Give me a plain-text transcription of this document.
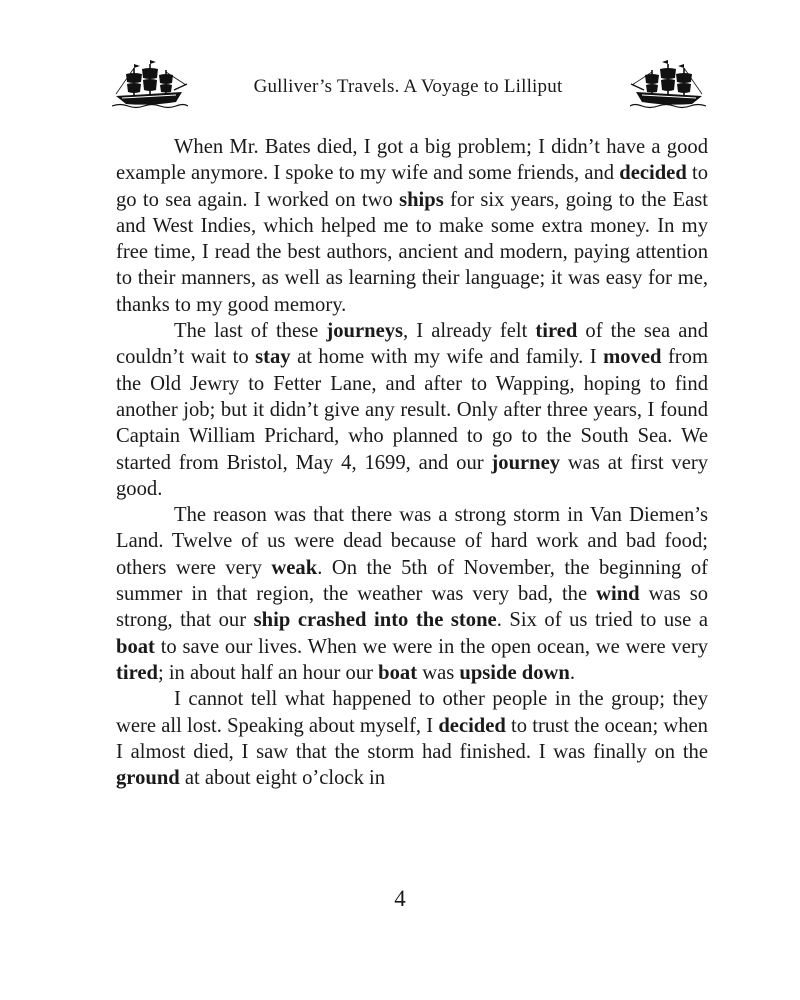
Gulliver’s Travels. A Voyage to Lilliput

When Mr. Bates died, I got a big problem; I didn’t have a good example anymore. I spoke to my wife and some friends, and decided to go to sea again. I worked on two ships for six years, going to the East and West Indies, which helped me to make some extra money. In my free time, I read the best authors, ancient and modern, paying attention to their manners, as well as learning their language; it was easy for me, thanks to my good memory.

The last of these journeys, I already felt tired of the sea and couldn’t wait to stay at home with my wife and family. I moved from the Old Jewry to Fetter Lane, and after to Wapping, hoping to find another job; but it didn’t give any result. Only after three years, I found Captain William Prichard, who planned to go to the South Sea. We started from Bristol, May 4, 1699, and our journey was at first very good.

The reason was that there was a strong storm in Van Diemen’s Land. Twelve of us were dead because of hard work and bad food; others were very weak. On the 5th of November, the beginning of summer in that region, the weather was very bad, the wind was so strong, that our ship crashed into the stone. Six of us tried to use a boat to save our lives. When we were in the open ocean, we were very tired; in about half an hour our boat was upside down.

I cannot tell what happened to other people in the group; they were all lost. Speaking about myself, I decided to trust the ocean; when I almost died, I saw that the storm had finished. I was finally on the ground at about eight o’clock in

4
